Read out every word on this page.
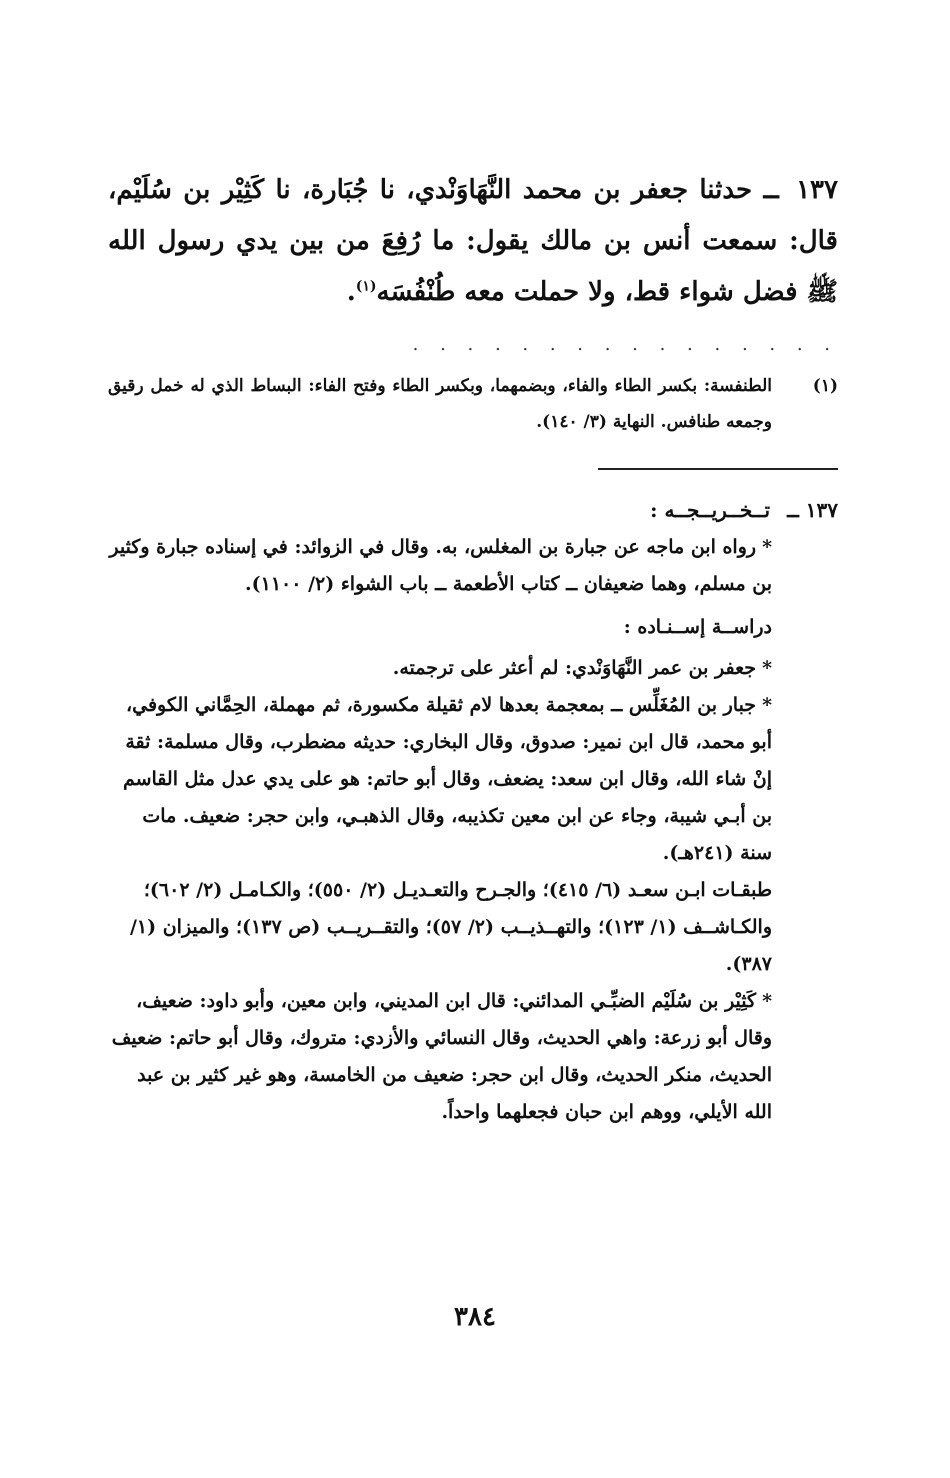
١٣٧ ــ حدثنا جعفر بن محمد النَّهَاوَنْدي، نا جُبَارة، نا كَثِيْر بن سُلَيْم، قال: سمعت أنس بن مالك يقول: ما رُفِعَ من بين يدي رسول الله ﷺ فضل شواء قط، ولا حملت معه طُنْفُسَه$^{(١)}$.
. . . . . . . . . . . . . . . .
(١)
الطنفسة: بكسر الطاء والفاء، وبضمهما، وبكسر الطاء وفتح الفاء: البساط الذي له خمل رقيق وجمعه طنافس. النهاية (٣/ ١٤٠).
١٣٧ ــ تــخــريــجــه :
*رواه ابن ماجه عن جبارة بن المغلس، به. وقال في الزوائد: في إسناده جبارة وكثير بن مسلم، وهما ضعيفان ــ كتاب الأطعمة ــ باب الشواء (٢/ ١١٠٠).
دراســة إســنـاده :
*جعفر بن عمر النَّهَاوَنْدي: لم أعثر على ترجمته.
*جبار بن المُغَلِّس ــ بمعجمة بعدها لام ثقيلة مكسورة، ثم مهملة، الحِمَّاني الكوفي، أبو محمد، قال ابن نمير: صدوق، وقال البخاري: حديثه مضطرب، وقال مسلمة: ثقة إنْ شاء الله، وقال ابن سعد: يضعف، وقال أبو حاتم: هو على يدي عدل مثل القاسم بن أبـي شيبة، وجاء عن ابن معين تكذيبه، وقال الذهبـي، وابن حجر: ضعيف. مات سنة (٢٤١هـ).
طبقـات ابـن سعـد (٦/ ٤١٥)؛ والجـرح والتعـديـل (٢/ ٥٥٠)؛ والكـامـل (٢/ ٦٠٢)؛ والكـاشــف (١/ ١٢٣)؛ والتهــذيــب (٢/ ٥٧)؛ والتقــريــب (ص ١٣٧)؛ والميزان (١/ ٣٨٧).
*كَثِيْر بن سُلَيْم الضبِّـي المدائني: قال ابن المديني، وابن معين، وأبو داود: ضعيف، وقال أبو زرعة: واهي الحديث، وقال النسائي والأزدي: متروك، وقال أبو حاتم: ضعيف الحديث، منكر الحديث، وقال ابن حجر: ضعيف من الخامسة، وهو غير كثير بن عبد الله الأيلي، ووهم ابن حبان فجعلهما واحداً.
٣٨٤
